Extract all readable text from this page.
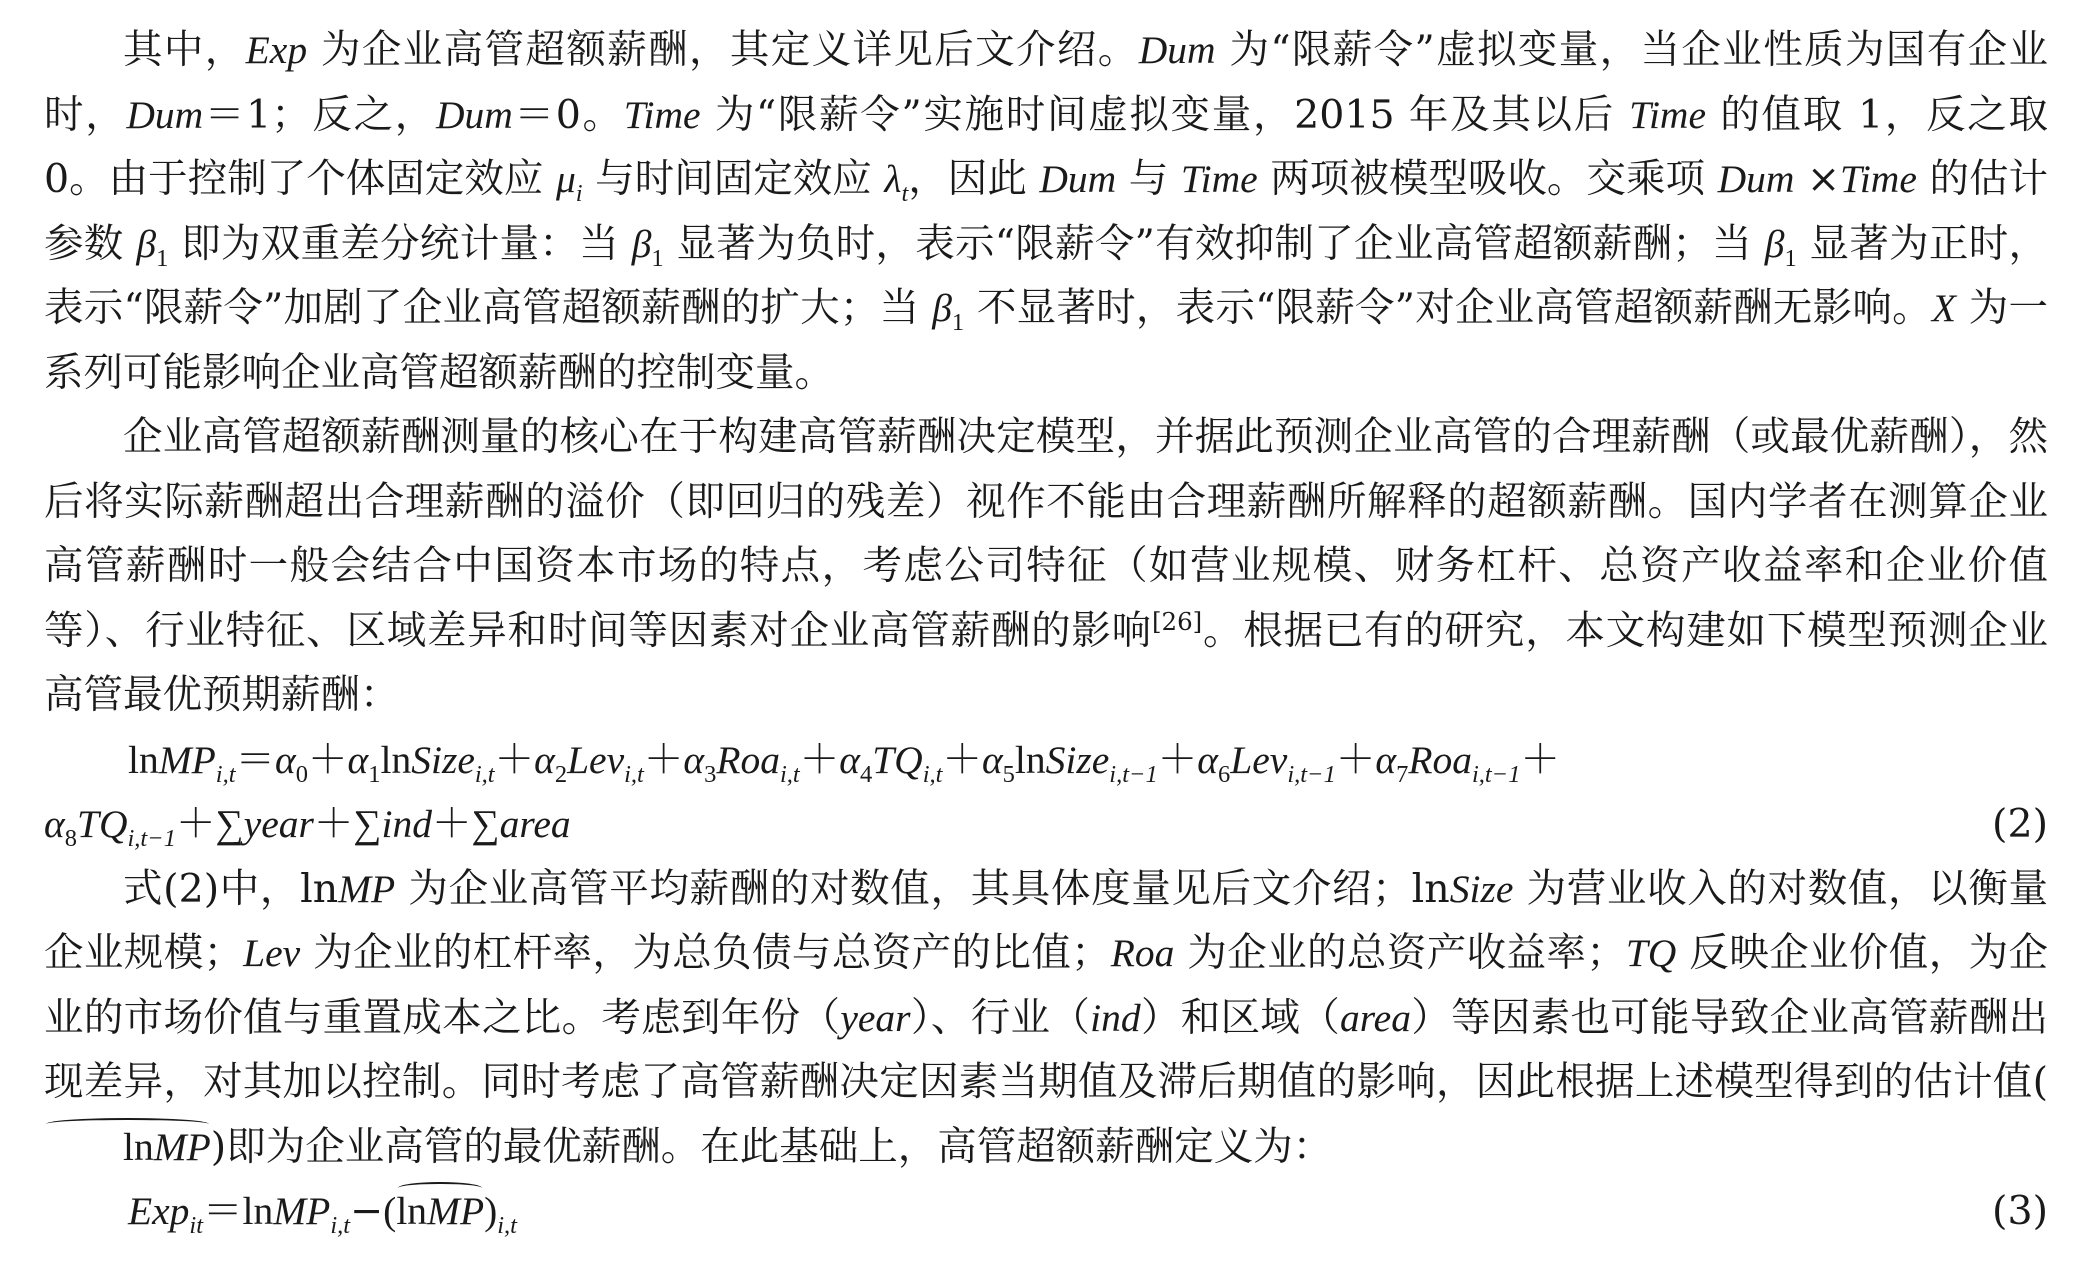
其中，Exp 为企业高管超额薪酬，其定义详见后文介绍。Dum 为“限薪令”虚拟变量，当企业性质为国有企业时，Dum＝1；反之，Dum＝0。Time 为“限薪令”实施时间虚拟变量，2015 年及其以后 Time 的值取 1，反之取 0。由于控制了个体固定效应 $\mu_i$ 与时间固定效应 $\lambda_t$，因此 Dum 与 Time 两项被模型吸收。交乘项 Dum ×Time 的估计参数 $\beta_1$ 即为双重差分统计量：当 $\beta_1$ 显著为负时，表示“限薪令”有效抑制了企业高管超额薪酬；当 $\beta_1$ 显著为正时，表示“限薪令”加剧了企业高管超额薪酬的扩大；当 $\beta_1$ 不显著时，表示“限薪令”对企业高管超额薪酬无影响。X 为一系列可能影响企业高管超额薪酬的控制变量。

企业高管超额薪酬测量的核心在于构建高管薪酬决定模型，并据此预测企业高管的合理薪酬（或最优薪酬），然后将实际薪酬超出合理薪酬的溢价（即回归的残差）视作不能由合理薪酬所解释的超额薪酬。国内学者在测算企业高管薪酬时一般会结合中国资本市场的特点，考虑公司特征（如营业规模、财务杠杆、总资产收益率和企业价值等）、行业特征、区域差异和时间等因素对企业高管薪酬的影响[26]。根据已有的研究，本文构建如下模型预测企业高管最优预期薪酬：

$lnMP_{i,t}=\alpha_0+\alpha_1lnSize_{i,t}+\alpha_2Lev_{i,t}+\alpha_3Roa_{i,t}+\alpha_4TQ_{i,t}+\alpha_5lnSize_{i,t-1}+\alpha_6Lev_{i,t-1}+\alpha_7Roa_{i,t-1}+$
$\alpha_8TQ_{i,t-1}+\sum year+\sum ind+\sum area$	(2)

式(2)中，lnMP 为企业高管平均薪酬的对数值，其具体度量见后文介绍；lnSize 为营业收入的对数值，以衡量企业规模；Lev 为企业的杠杆率，为总负债与总资产的比值；Roa 为企业的总资产收益率；TQ 反映企业价值，为企业的市场价值与重置成本之比。考虑到年份（year）、行业（ind）和区域（area）等因素也可能导致企业高管薪酬出现差异，对其加以控制。同时考虑了高管薪酬决定因素当期值及滞后期值的影响，因此根据上述模型得到的估计值(lnMP)即为企业高管的最优薪酬。在此基础上，高管超额薪酬定义为：

$Exp_{it}=lnMP_{i,t}-(lnMP)_{i,t}$	(3)
